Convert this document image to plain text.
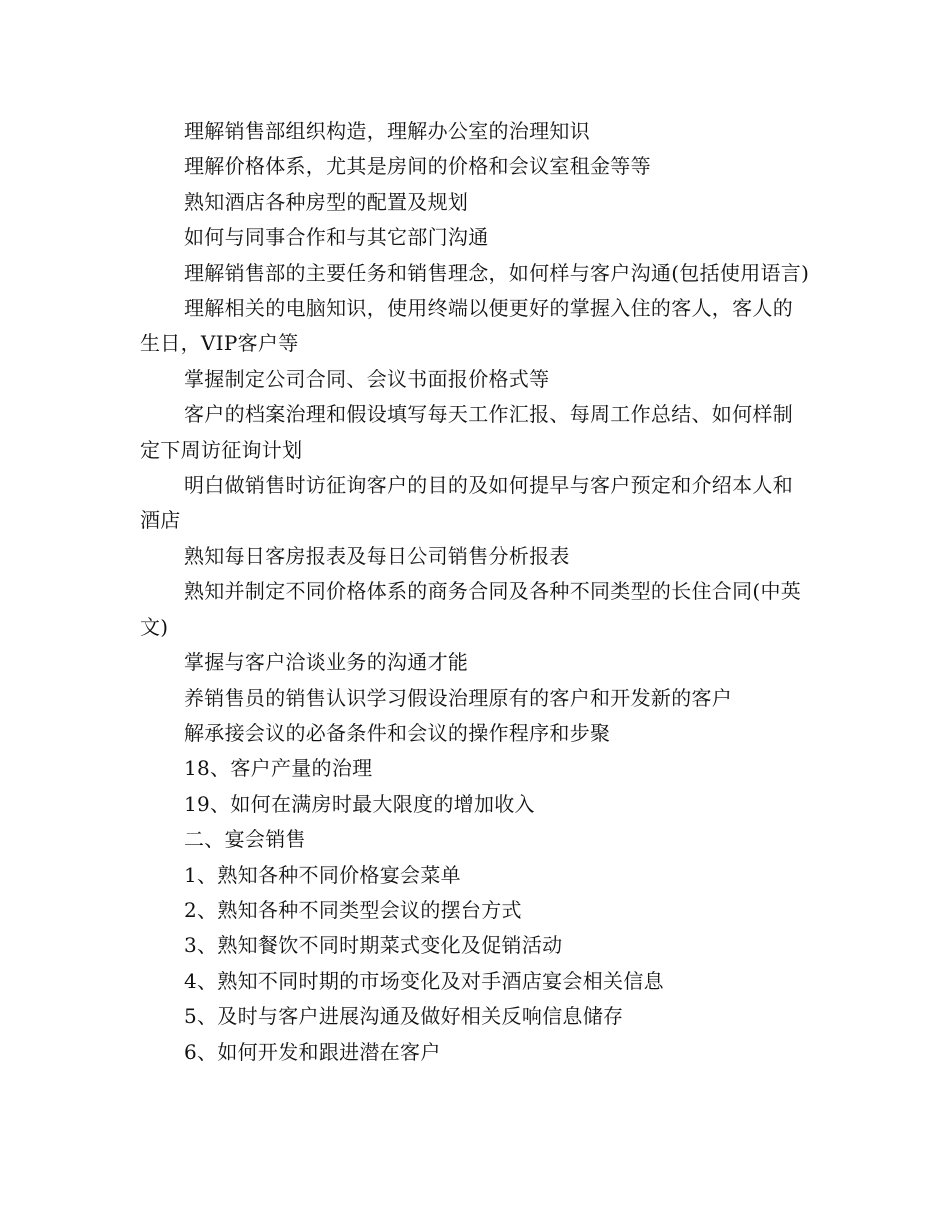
理解销售部组织构造，理解办公室的治理知识

理解价格体系，尤其是房间的价格和会议室租金等等

熟知酒店各种房型的配置及规划

如何与同事合作和与其它部门沟通

理解销售部的主要任务和销售理念，如何样与客户沟通(包括使用语言)

理解相关的电脑知识，使用终端以便更好的掌握入住的客人，客人的生日，VIP客户等

掌握制定公司合同、会议书面报价格式等

客户的档案治理和假设填写每天工作汇报、每周工作总结、如何样制定下周访征询计划

明白做销售时访征询客户的目的及如何提早与客户预定和介绍本人和酒店

熟知每日客房报表及每日公司销售分析报表

熟知并制定不同价格体系的商务合同及各种不同类型的长住合同(中英文)

掌握与客户洽谈业务的沟通才能

养销售员的销售认识学习假设治理原有的客户和开发新的客户

解承接会议的必备条件和会议的操作程序和步聚

18、客户产量的治理

19、如何在满房时最大限度的增加收入

二、宴会销售

1、熟知各种不同价格宴会菜单

2、熟知各种不同类型会议的摆台方式

3、熟知餐饮不同时期菜式变化及促销活动

4、熟知不同时期的市场变化及对手酒店宴会相关信息

5、及时与客户进展沟通及做好相关反响信息储存

6、如何开发和跟进潜在客户
